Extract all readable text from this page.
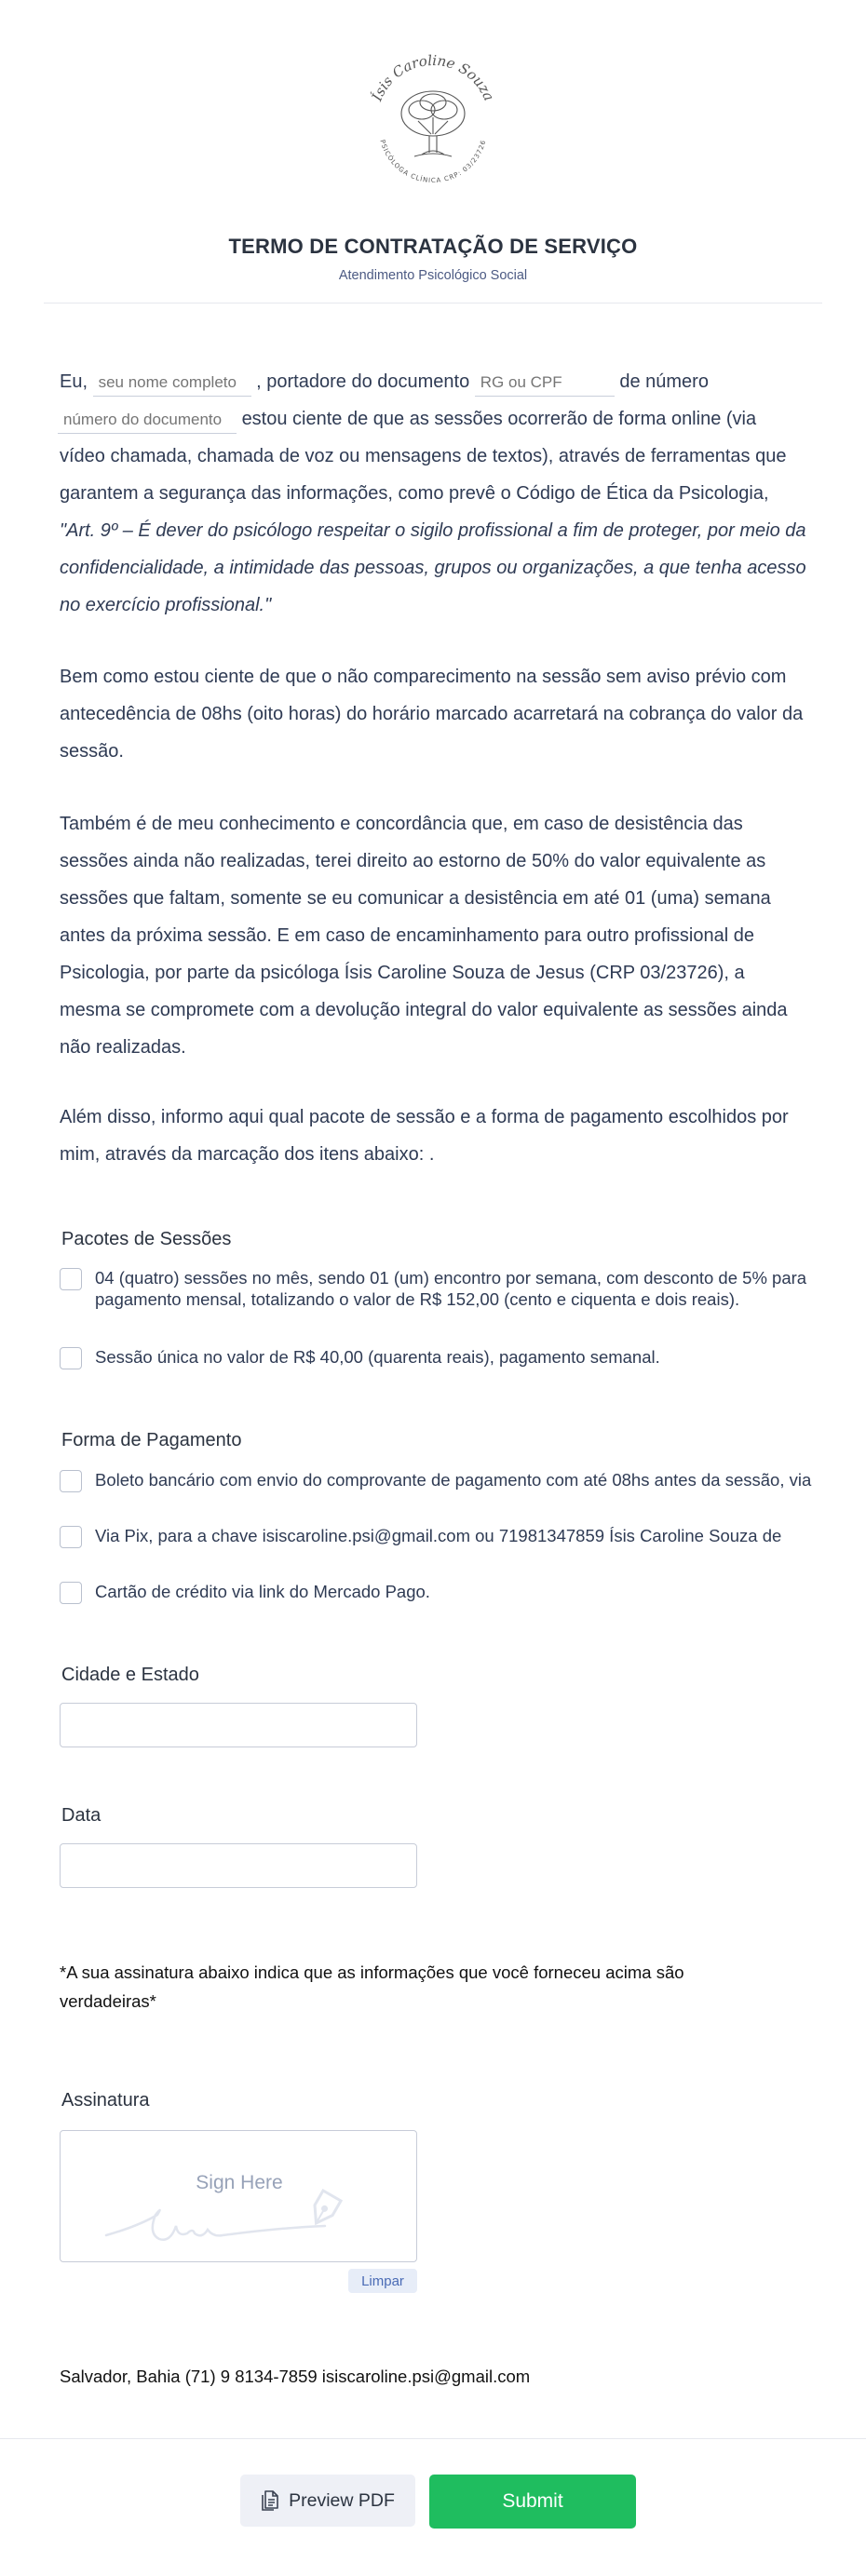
Ísis Caroline Souza
PSICÓLOGA CLÍNICA CRP: 03/23726
TERMO DE CONTRATAÇÃO DE SERVIÇO
Atendimento Psicológico Social
Eu, seu nome completo	, portadore do documento RG ou CPF	de número número do documento estou ciente de que as sessões ocorrerão de forma online (via vídeo chamada, chamada de voz ou mensagens de textos), através de ferramentas que garantem a segurança das informações, como prevê o Código de Ética da Psicologia, "Art. 9º – É dever do psicólogo respeitar o sigilo profissional a fim de proteger, por meio da confidencialidade, a intimidade das pessoas, grupos ou organizações, a que tenha acesso no exercício profissional."
Bem como estou ciente de que o não comparecimento na sessão sem aviso prévio com antecedência de 08hs (oito horas) do horário marcado acarretará na cobrança do valor da sessão.
Também é de meu conhecimento e concordância que, em caso de desistência das sessões ainda não realizadas, terei direito ao estorno de 50% do valor equivalente as sessões que faltam, somente se eu comunicar a desistência em até 01 (uma) semana antes da próxima sessão. E em caso de encaminhamento para outro profissional de Psicologia, por parte da psicóloga Ísis Caroline Souza de Jesus (CRP 03/23726), a mesma se compromete com a devolução integral do valor equivalente as sessões ainda não realizadas.
Além disso, informo aqui qual pacote de sessão e a forma de pagamento escolhidos por mim, através da marcação dos itens abaixo: .
Pacotes de Sessões
04 (quatro) sessões no mês, sendo 01 (um) encontro por semana, com desconto de 5% para pagamento mensal, totalizando o valor de R$ 152,00 (cento e ciquenta e dois reais).
Sessão única no valor de R$ 40,00 (quarenta reais), pagamento semanal.
Forma de Pagamento
Boleto bancário com envio do comprovante de pagamento com até 08hs antes da sessão, via
Via Pix, para a chave isiscaroline.psi@gmail.com ou 71981347859 Ísis Caroline Souza de
Cartão de crédito via link do Mercado Pago.
Cidade e Estado
Data
*A sua assinatura abaixo indica que as informações que você forneceu acima são verdadeiras*
Assinatura
Sign Here
Limpar
Salvador, Bahia (71) 9 8134-7859 isiscaroline.psi@gmail.com
Preview PDF	Submit
